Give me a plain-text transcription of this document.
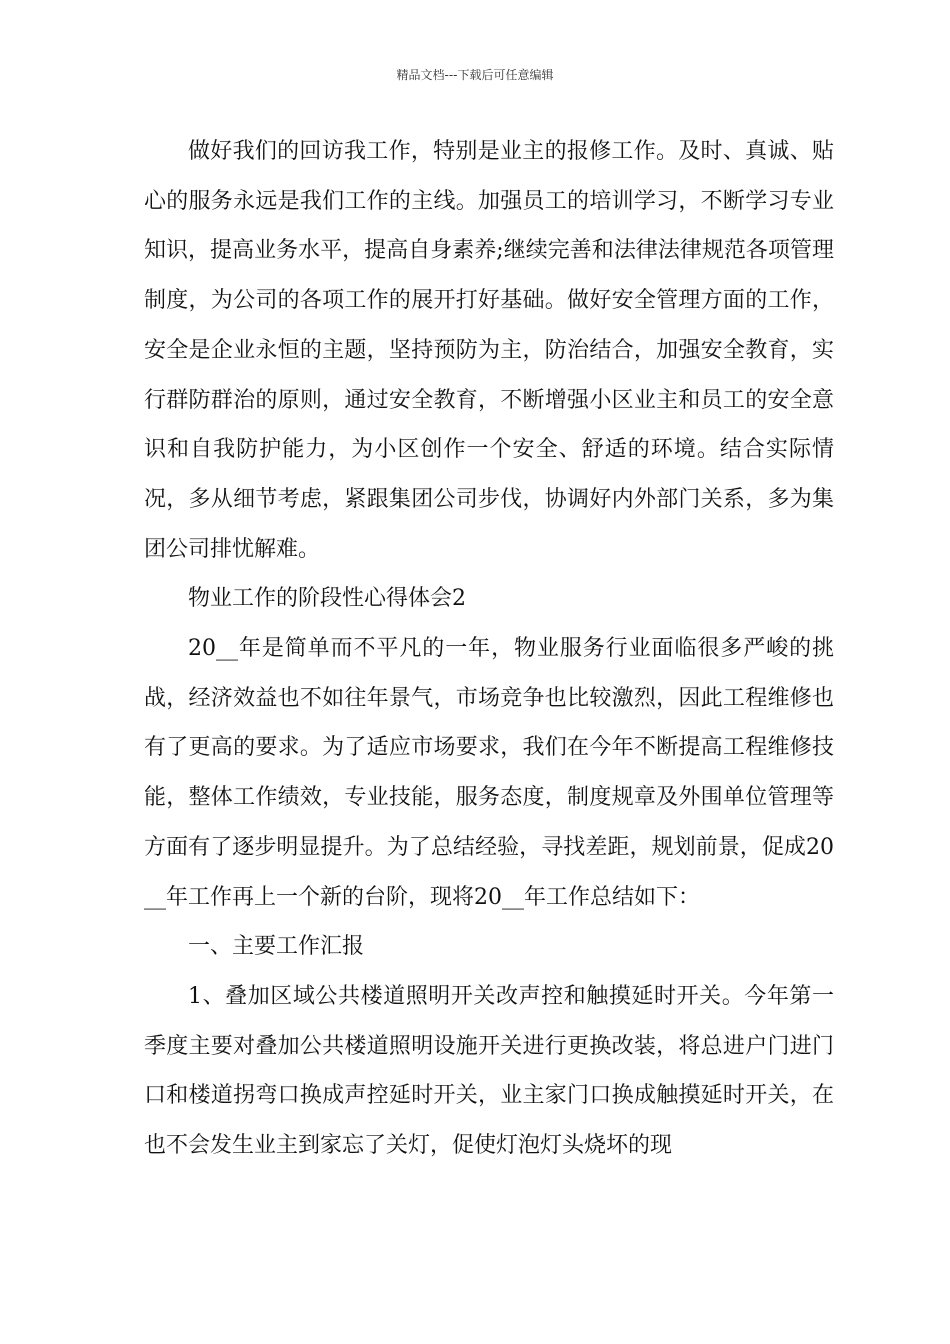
精品文档---下载后可任意编辑

做好我们的回访我工作，特别是业主的报修工作。及时、真诚、贴心的服务永远是我们工作的主线。加强员工的培训学习，不断学习专业知识，提高业务水平，提高自身素养;继续完善和法律法律规范各项管理制度，为公司的各项工作的展开打好基础。做好安全管理方面的工作，安全是企业永恒的主题，坚持预防为主，防治结合，加强安全教育，实行群防群治的原则，通过安全教育，不断增强小区业主和员工的安全意识和自我防护能力，为小区创作一个安全、舒适的环境。结合实际情况，多从细节考虑，紧跟集团公司步伐，协调好内外部门关系，多为集团公司排忧解难。

物业工作的阶段性心得体会2

20__年是简单而不平凡的一年，物业服务行业面临很多严峻的挑战，经济效益也不如往年景气，市场竞争也比较激烈，因此工程维修也有了更高的要求。为了适应市场要求，我们在今年不断提高工程维修技能，整体工作绩效，专业技能，服务态度，制度规章及外围单位管理等方面有了逐步明显提升。为了总结经验，寻找差距，规划前景，促成20__年工作再上一个新的台阶，现将20__年工作总结如下：

一、主要工作汇报

1、叠加区域公共楼道照明开关改声控和触摸延时开关。今年第一季度主要对叠加公共楼道照明设施开关进行更换改装，将总进户门进门口和楼道拐弯口换成声控延时开关，业主家门口换成触摸延时开关，在也不会发生业主到家忘了关灯，促使灯泡灯头烧坏的现
